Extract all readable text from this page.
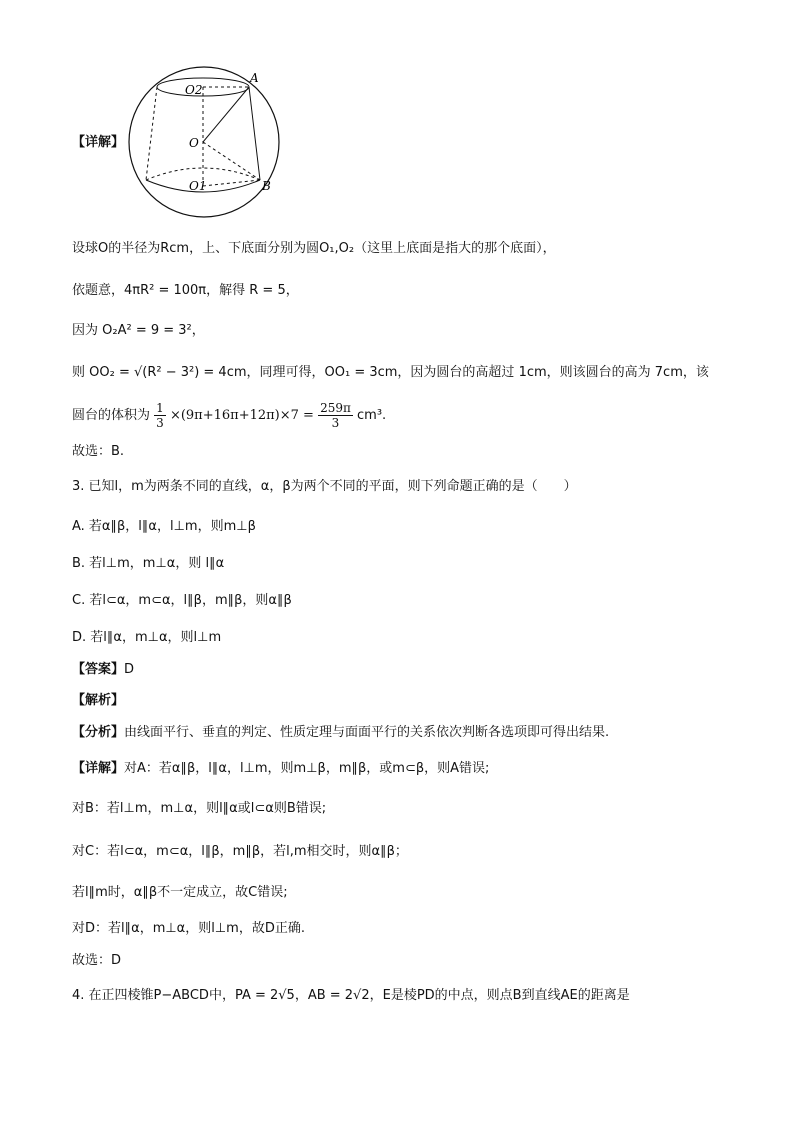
【详解】
A
B
O
O1
O2
设球O的半径为Rcm，上、下底面分别为圆O₁,O₂（这里上底面是指大的那个底面），
依题意，4πR² = 100π，解得 R = 5，
因为 O₂A² = 9 = 3²，
则 OO₂ = √(R² − 3²) = 4cm，同理可得，OO₁ = 3cm，因为圆台的高超过 1cm，则该圆台的高为 7cm，该
圆台的体积为 $\frac{1}{3} \times(9\pi+16\pi+12\pi)\times 7 = \frac{259\pi}{3} cm^3$.
故选：B.
3. 已知l，m为两条不同的直线，α，β为两个不同的平面，则下列命题正确的是（　　）
A. 若α∥β，l∥α，l⊥m，则m⊥β
B. 若l⊥m，m⊥α，则 l∥α
C. 若l⊂α，m⊂α，l∥β，m∥β，则α∥β
D. 若l∥α，m⊥α，则l⊥m
【答案】D
【解析】
【分析】由线面平行、垂直的判定、性质定理与面面平行的关系依次判断各选项即可得出结果.
【详解】对A：若α∥β，l∥α，l⊥m，则m⊥β，m∥β，或m⊂β，则A错误;
对B：若l⊥m，m⊥α，则l∥α或l⊂α则B错误;
对C：若l⊂α，m⊂α，l∥β，m∥β，若l,m相交时，则α∥β；
若l∥m时，α∥β不一定成立，故C错误;
对D：若l∥α，m⊥α，则l⊥m，故D正确.
故选：D
4. 在正四棱锥P−ABCD中，PA = 2√5，AB = 2√2，E是棱PD的中点，则点B到直线AE的距离是
